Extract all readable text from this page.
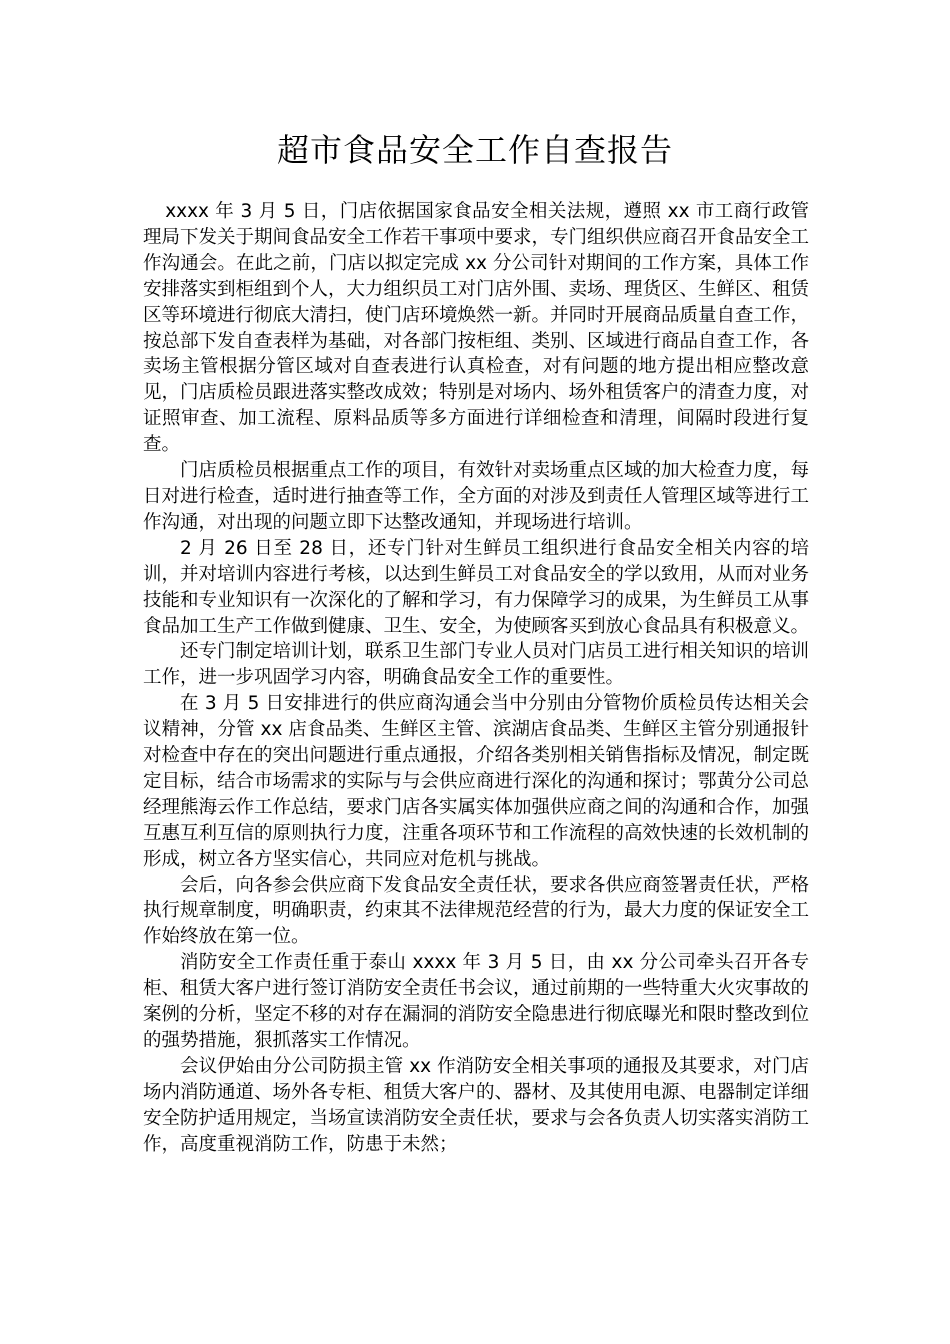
超市食品安全工作自查报告

xxxx 年 3 月 5 日，门店依据国家食品安全相关法规，遵照 xx 市工商行政管理局下发关于期间食品安全工作若干事项中要求，专门组织供应商召开食品安全工作沟通会。在此之前，门店以拟定完成 xx 分公司针对期间的工作方案，具体工作安排落实到柜组到个人，大力组织员工对门店外围、卖场、理货区、生鲜区、租赁区等环境进行彻底大清扫，使门店环境焕然一新。并同时开展商品质量自查工作，按总部下发自查表样为基础，对各部门按柜组、类别、区域进行商品自查工作，各卖场主管根据分管区域对自查表进行认真检查，对有问题的地方提出相应整改意见，门店质检员跟进落实整改成效；特别是对场内、场外租赁客户的清查力度，对证照审查、加工流程、原料品质等多方面进行详细检查和清理，间隔时段进行复查。

门店质检员根据重点工作的项目，有效针对卖场重点区域的加大检查力度，每日对进行检查，适时进行抽查等工作，全方面的对涉及到责任人管理区域等进行工作沟通，对出现的问题立即下达整改通知，并现场进行培训。

2 月 26 日至 28 日，还专门针对生鲜员工组织进行食品安全相关内容的培训，并对培训内容进行考核，以达到生鲜员工对食品安全的学以致用，从而对业务技能和专业知识有一次深化的了解和学习，有力保障学习的成果，为生鲜员工从事食品加工生产工作做到健康、卫生、安全，为使顾客买到放心食品具有积极意义。

还专门制定培训计划，联系卫生部门专业人员对门店员工进行相关知识的培训工作，进一步巩固学习内容，明确食品安全工作的重要性。

在 3 月 5 日安排进行的供应商沟通会当中分别由分管物价质检员传达相关会议精神，分管 xx 店食品类、生鲜区主管、滨湖店食品类、生鲜区主管分别通报针对检查中存在的突出问题进行重点通报，介绍各类别相关销售指标及情况，制定既定目标，结合市场需求的实际与与会供应商进行深化的沟通和探讨；鄂黄分公司总经理熊海云作工作总结，要求门店各实属实体加强供应商之间的沟通和合作，加强互惠互利互信的原则执行力度，注重各项环节和工作流程的高效快速的长效机制的形成，树立各方坚实信心，共同应对危机与挑战。

会后，向各参会供应商下发食品安全责任状，要求各供应商签署责任状，严格执行规章制度，明确职责，约束其不法律规范经营的行为，最大力度的保证安全工作始终放在第一位。

消防安全工作责任重于泰山 xxxx 年 3 月 5 日，由 xx 分公司牵头召开各专柜、租赁大客户进行签订消防安全责任书会议，通过前期的一些特重大火灾事故的案例的分析，坚定不移的对存在漏洞的消防安全隐患进行彻底曝光和限时整改到位的强势措施，狠抓落实工作情况。

会议伊始由分公司防损主管 xx 作消防安全相关事项的通报及其要求，对门店场内消防通道、场外各专柜、租赁大客户的、器材、及其使用电源、电器制定详细安全防护适用规定，当场宣读消防安全责任状，要求与会各负责人切实落实消防工作，高度重视消防工作，防患于未然；
